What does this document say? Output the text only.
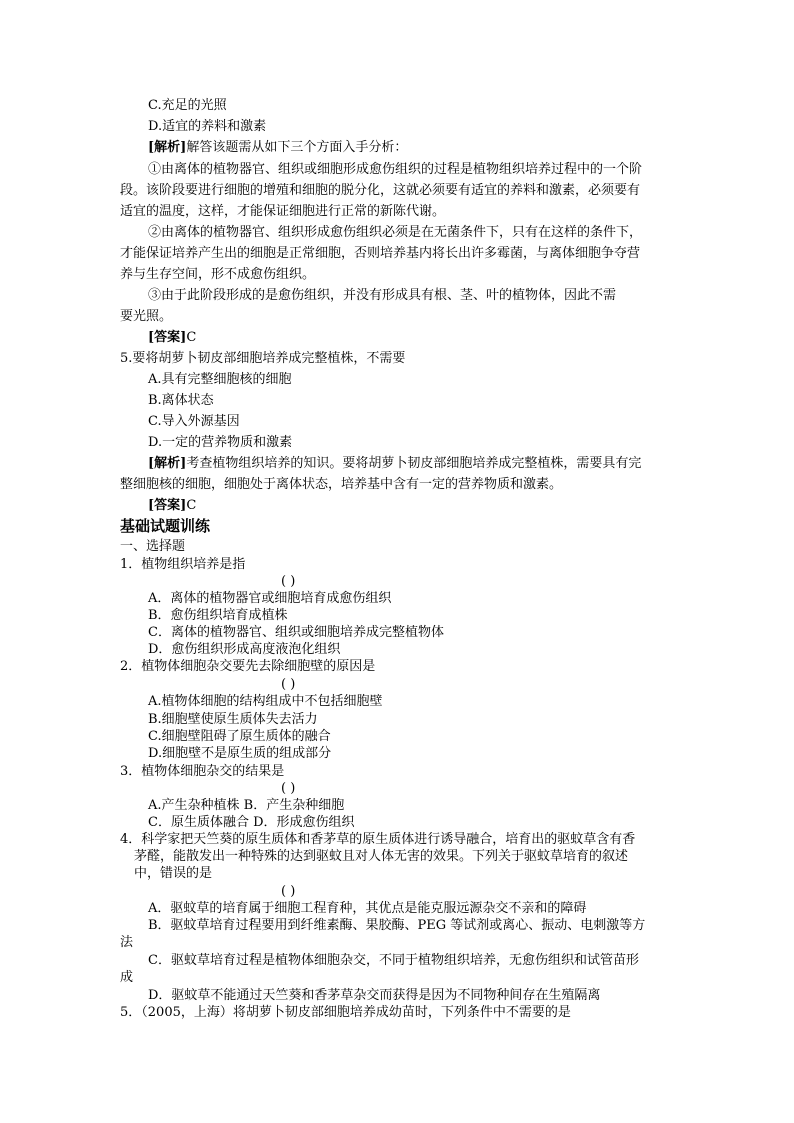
C.充足的光照
D.适宜的养料和激素
[解析]解答该题需从如下三个方面入手分析：
①由离体的植物器官、组织或细胞形成愈伤组织的过程是植物组织培养过程中的一个阶
段。该阶段要进行细胞的增殖和细胞的脱分化，这就必须要有适宜的养料和激素，必须要有
适宜的温度，这样，才能保证细胞进行正常的新陈代谢。
②由离体的植物器官、组织形成愈伤组织必须是在无菌条件下，只有在这样的条件下，
才能保证培养产生出的细胞是正常细胞，否则培养基内将长出许多霉菌，与离体细胞争夺营
养与生存空间，形不成愈伤组织。
③由于此阶段形成的是愈伤组织，并没有形成具有根、茎、叶的植物体，因此不需
要光照。
[答案]C
5.要将胡萝卜韧皮部细胞培养成完整植株，不需要
A.具有完整细胞核的细胞
B.离体状态
C.导入外源基因
D.一定的营养物质和激素
[解析]考查植物组织培养的知识。要将胡萝卜韧皮部细胞培养成完整植株，需要具有完
整细胞核的细胞，细胞处于离体状态，培养基中含有一定的营养物质和激素。
[答案]C
基础试题训练
一、选择题
1．植物组织培养是指
( )
A．离体的植物器官或细胞培育成愈伤组织
B．愈伤组织培育成植株
C．离体的植物器官、组织或细胞培养成完整植物体
D．愈伤组织形成高度液泡化组织
2．植物体细胞杂交要先去除细胞壁的原因是
( )
A.植物体细胞的结构组成中不包括细胞壁
B.细胞壁使原生质体失去活力
C.细胞壁阻碍了原生质体的融合
D.细胞壁不是原生质的组成部分
3．植物体细胞杂交的结果是
( )
A.产生杂种植株 B．产生杂种细胞
C．原生质体融合 D．形成愈伤组织
4．科学家把天竺葵的原生质体和香茅草的原生质体进行诱导融合，培育出的驱蚊草含有香
茅醛，能散发出一种特殊的达到驱蚊且对人体无害的效果。下列关于驱蚊草培育的叙述
中，错误的是
( )
A．驱蚊草的培育属于细胞工程育种，其优点是能克服远源杂交不亲和的障碍
B．驱蚊草培育过程要用到纤维素酶、果胶酶、PEG 等试剂或离心、振动、电刺激等方
法
C．驱蚊草培育过程是植物体细胞杂交，不同于植物组织培养，无愈伤组织和试管苗形
成
D．驱蚊草不能通过天竺葵和香茅草杂交而获得是因为不同物种间存在生殖隔离
5．（2005，上海）将胡萝卜韧皮部细胞培养成幼苗时，下列条件中不需要的是
